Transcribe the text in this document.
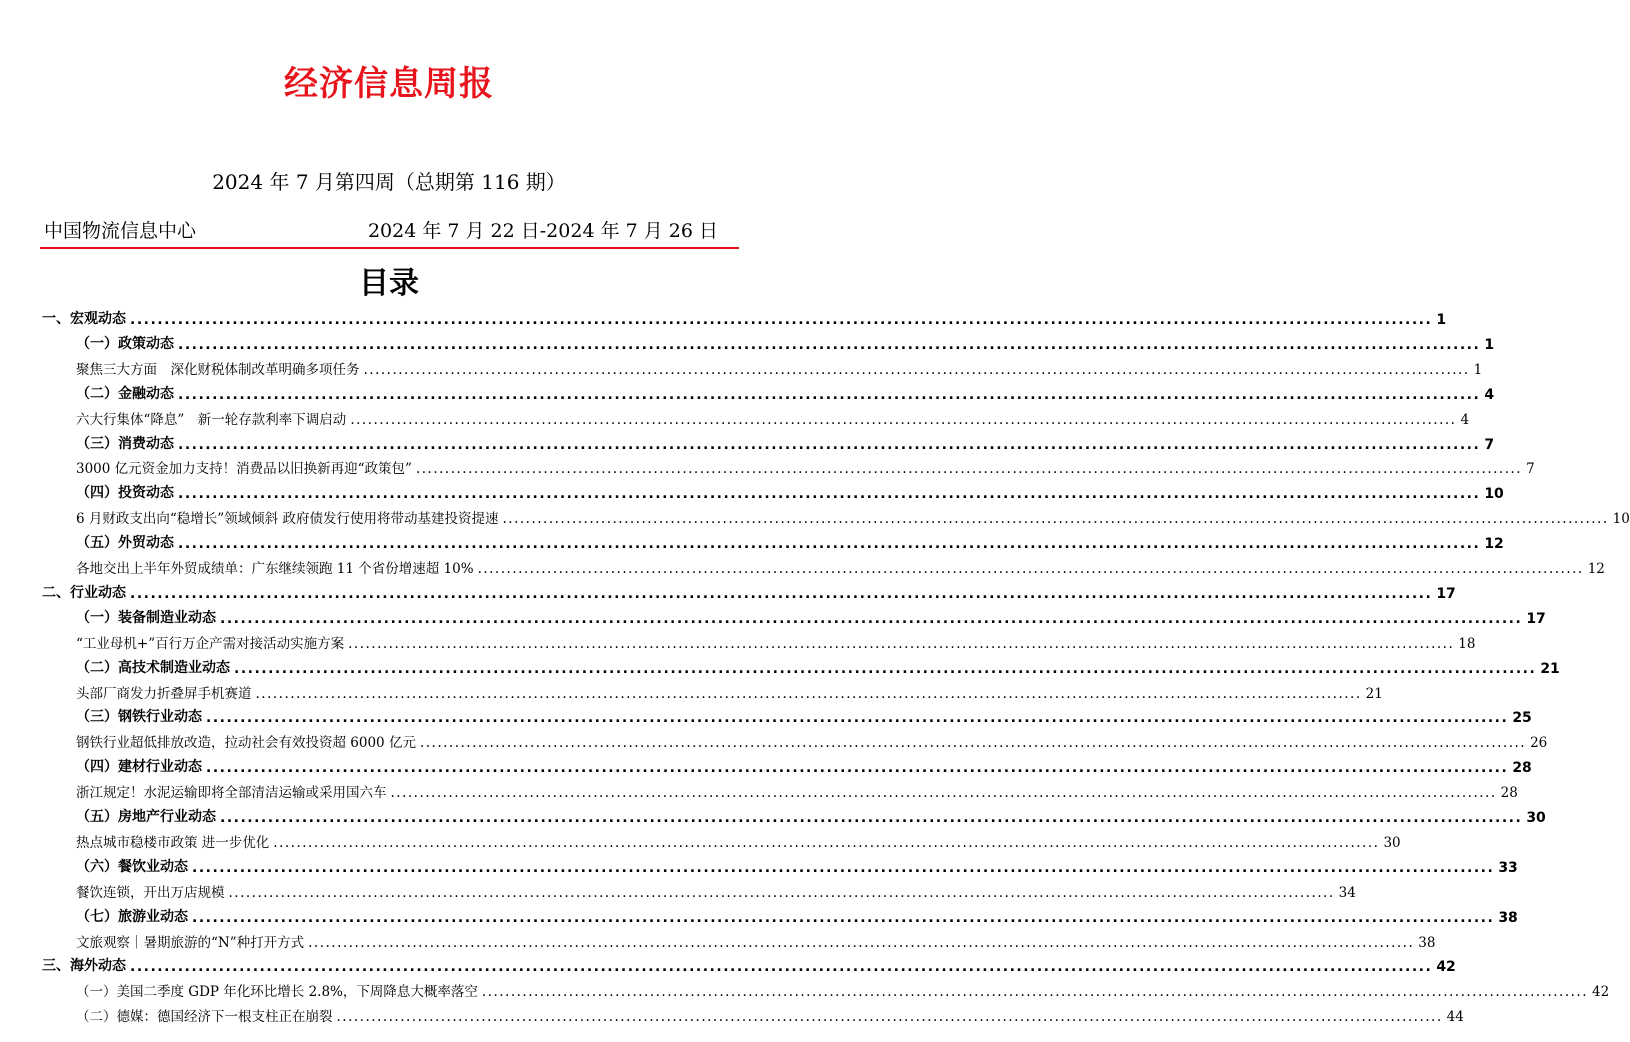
经济信息周报
2024 年 7 月第四周（总期第 116 期）
中国物流信息中心	2024 年 7 月 22 日-2024 年 7 月 26 日
目录
一、宏观动态 ............................................................................................................................................................................................... 1
（一）政策动态 ............................................................................................................................................................................................... 1
聚焦三大方面　深化财税体制改革明确多项任务 ............................................................................................................................................................................................... 1
（二）金融动态 ............................................................................................................................................................................................... 4
六大行集体“降息”　新一轮存款利率下调启动 ............................................................................................................................................................................................... 4
（三）消费动态 ............................................................................................................................................................................................... 7
3000 亿元资金加力支持！消费品以旧换新再迎“政策包” ............................................................................................................................................................................................... 7
（四）投资动态 ............................................................................................................................................................................................... 10
6 月财政支出向“稳增长”领域倾斜 政府债发行使用将带动基建投资提速 ............................................................................................................................................................................................... 10
（五）外贸动态 ............................................................................................................................................................................................... 12
各地交出上半年外贸成绩单：广东继续领跑 11 个省份增速超 10% ............................................................................................................................................................................................... 12
二、行业动态 ............................................................................................................................................................................................... 17
（一）装备制造业动态 ............................................................................................................................................................................................... 17
“工业母机+”百行万企产需对接活动实施方案 ............................................................................................................................................................................................... 18
（二）高技术制造业动态 ............................................................................................................................................................................................... 21
头部厂商发力折叠屏手机赛道 ............................................................................................................................................................................................... 21
（三）钢铁行业动态 ............................................................................................................................................................................................... 25
钢铁行业超低排放改造，拉动社会有效投资超 6000 亿元 ............................................................................................................................................................................................... 26
（四）建材行业动态 ............................................................................................................................................................................................... 28
浙江规定！水泥运输即将全部清洁运输或采用国六车 ............................................................................................................................................................................................... 28
（五）房地产行业动态 ............................................................................................................................................................................................... 30
热点城市稳楼市政策 进一步优化 ............................................................................................................................................................................................... 30
（六）餐饮业动态 ............................................................................................................................................................................................... 33
餐饮连锁，开出万店规模 ............................................................................................................................................................................................... 34
（七）旅游业动态 ............................................................................................................................................................................................... 38
文旅观察｜暑期旅游的“N”种打开方式 ............................................................................................................................................................................................... 38
三、海外动态 ............................................................................................................................................................................................... 42
（一）美国二季度 GDP 年化环比增长 2.8%，下周降息大概率落空 ............................................................................................................................................................................................... 42
（二）德媒：德国经济下一根支柱正在崩裂 ............................................................................................................................................................................................... 44
